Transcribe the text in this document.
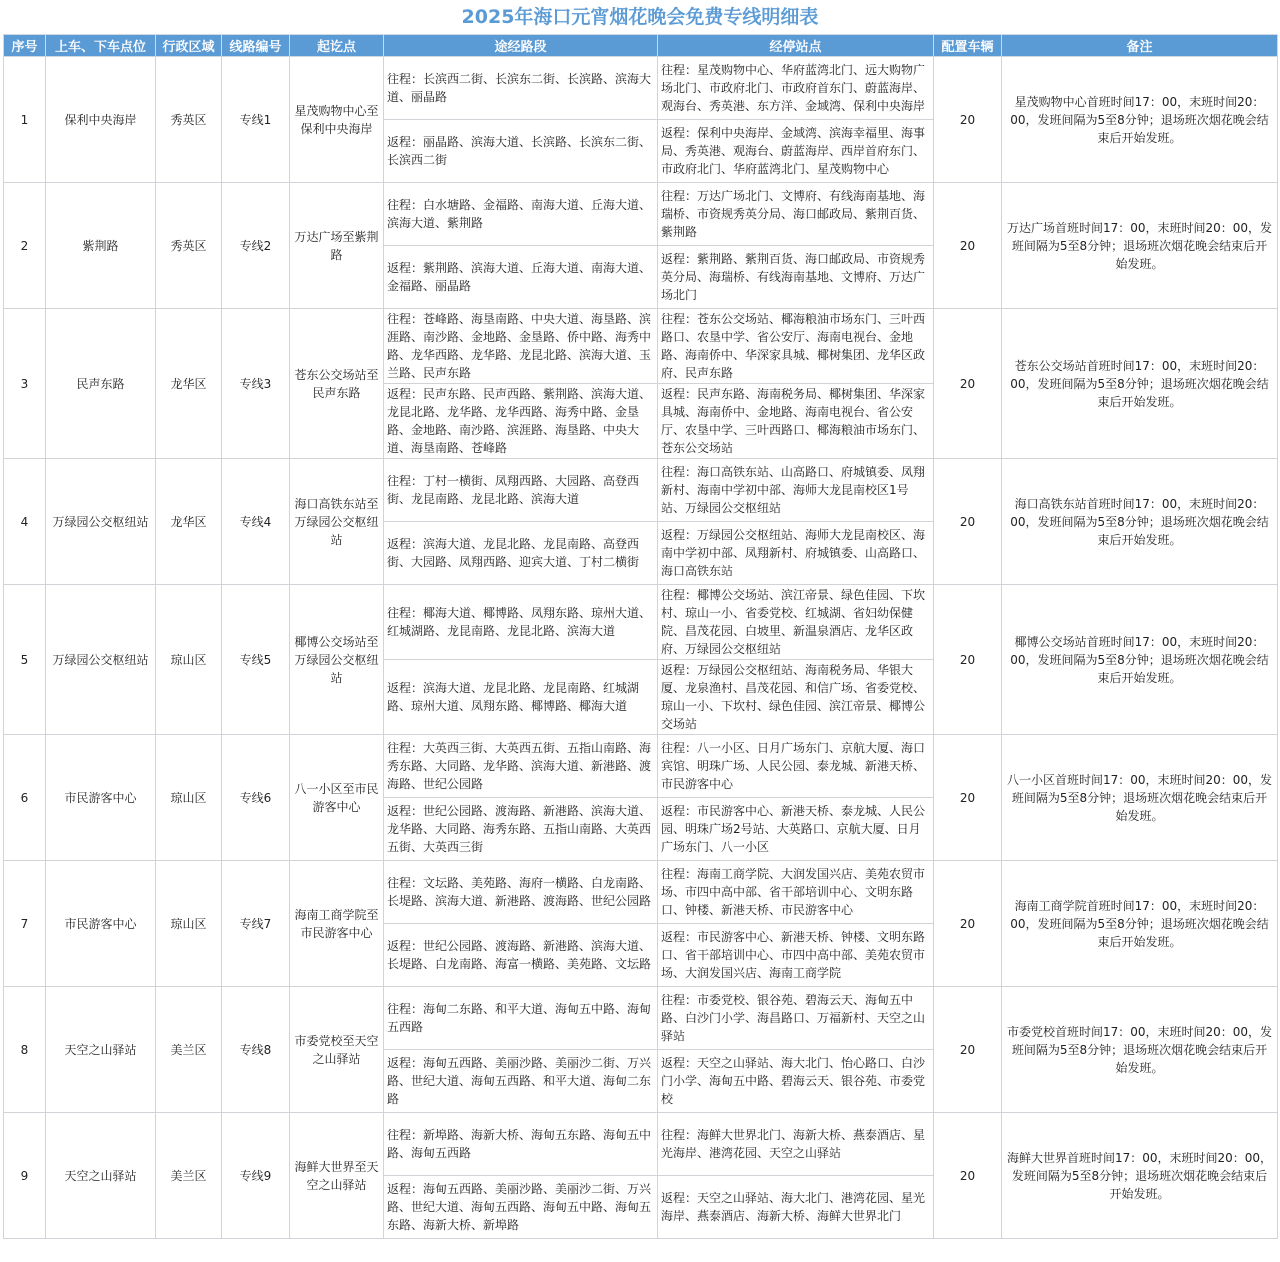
2025年海口元宵烟花晚会免费专线明细表
序号	上车、下车点位	行政区域	线路编号	起讫点	途经路段	经停站点	配置车辆	备注
1	保利中央海岸	秀英区	专线1	星茂购物中心至保利中央海岸	往程：长滨西二街、长滨东二街、长滨路、滨海大道、丽晶路	往程：星茂购物中心、华府蓝湾北门、远大购物广场北门、市政府北门、市政府首东门、蔚蓝海岸、观海台、秀英港、东方洋、金域湾、保利中央海岸	20	星茂购物中心首班时间17：00，末班时间20：00，发班间隔为5至8分钟；退场班次烟花晚会结束后开始发班。
					返程：丽晶路、滨海大道、长滨路、长滨东二街、长滨西二街	返程：保利中央海岸、金域湾、滨海幸福里、海事局、秀英港、观海台、蔚蓝海岸、西岸首府东门、市政府北门、华府蓝湾北门、星茂购物中心		
2	紫荆路	秀英区	专线2	万达广场至紫荆路	往程：白水塘路、金福路、南海大道、丘海大道、滨海大道、紫荆路	往程：万达广场北门、文博府、有线海南基地、海瑞桥、市资规秀英分局、海口邮政局、紫荆百货、紫荆路	20	万达广场首班时间17：00，末班时间20：00，发班间隔为5至8分钟；退场班次烟花晚会结束后开始发班。
					返程：紫荆路、滨海大道、丘海大道、南海大道、金福路、丽晶路	返程：紫荆路、紫荆百货、海口邮政局、市资规秀英分局、海瑞桥、有线海南基地、文博府、万达广场北门		
3	民声东路	龙华区	专线3	苍东公交场站至民声东路	往程：苍峰路、海垦南路、中央大道、海垦路、滨涯路、南沙路、金地路、金垦路、侨中路、海秀中路、龙华西路、龙华路、龙昆北路、滨海大道、玉兰路、民声东路	往程：苍东公交场站、椰海粮油市场东门、三叶西路口、农垦中学、省公安厅、海南电视台、金地路、海南侨中、华深家具城、椰树集团、龙华区政府、民声东路	20	苍东公交场站首班时间17：00，末班时间20：00，发班间隔为5至8分钟；退场班次烟花晚会结束后开始发班。
					返程：民声东路、民声西路、紫荆路、滨海大道、龙昆北路、龙华路、龙华西路、海秀中路、金垦路、金地路、南沙路、滨涯路、海垦路、中央大道、海垦南路、苍峰路	返程：民声东路、海南税务局、椰树集团、华深家具城、海南侨中、金地路、海南电视台、省公安厅、农垦中学、三叶西路口、椰海粮油市场东门、苍东公交场站		
4	万绿园公交枢纽站	龙华区	专线4	海口高铁东站至万绿园公交枢纽站	往程：丁村一横街、凤翔西路、大园路、高登西街、龙昆南路、龙昆北路、滨海大道	往程：海口高铁东站、山高路口、府城镇委、凤翔新村、海南中学初中部、海师大龙昆南校区1号站、万绿园公交枢纽站	20	海口高铁东站首班时间17：00，末班时间20：00，发班间隔为5至8分钟；退场班次烟花晚会结束后开始发班。
					返程：滨海大道、龙昆北路、龙昆南路、高登西街、大园路、凤翔西路、迎宾大道、丁村二横街	返程：万绿园公交枢纽站、海师大龙昆南校区、海南中学初中部、凤翔新村、府城镇委、山高路口、海口高铁东站		
5	万绿园公交枢纽站	琼山区	专线5	椰博公交场站至万绿园公交枢纽站	往程：椰海大道、椰博路、凤翔东路、琼州大道、红城湖路、龙昆南路、龙昆北路、滨海大道	往程：椰博公交场站、滨江帝景、绿色佳园、下坎村、琼山一小、省委党校、红城湖、省妇幼保健院、昌茂花园、白坡里、新温泉酒店、龙华区政府、万绿园公交枢纽站	20	椰博公交场站首班时间17：00，末班时间20：00，发班间隔为5至8分钟；退场班次烟花晚会结束后开始发班。
					返程：滨海大道、龙昆北路、龙昆南路、红城湖路、琼州大道、凤翔东路、椰博路、椰海大道	返程：万绿园公交枢纽站、海南税务局、华银大厦、龙泉渔村、昌茂花园、和信广场、省委党校、琼山一小、下坎村、绿色佳园、滨江帝景、椰博公交场站		
6	市民游客中心	琼山区	专线6	八一小区至市民游客中心	往程：大英西三街、大英西五街、五指山南路、海秀东路、大同路、龙华路、滨海大道、新港路、渡海路、世纪公园路	往程：八一小区、日月广场东门、京航大厦、海口宾馆、明珠广场、人民公园、泰龙城、新港天桥、市民游客中心	20	八一小区首班时间17：00，末班时间20：00，发班间隔为5至8分钟；退场班次烟花晚会结束后开始发班。
					返程：世纪公园路、渡海路、新港路、滨海大道、龙华路、大同路、海秀东路、五指山南路、大英西五街、大英西三街	返程：市民游客中心、新港天桥、泰龙城、人民公园、明珠广场2号站、大英路口、京航大厦、日月广场东门、八一小区		
7	市民游客中心	琼山区	专线7	海南工商学院至市民游客中心	往程：文坛路、美苑路、海府一横路、白龙南路、长堤路、滨海大道、新港路、渡海路、世纪公园路	往程：海南工商学院、大润发国兴店、美苑农贸市场、市四中高中部、省干部培训中心、文明东路口、钟楼、新港天桥、市民游客中心	20	海南工商学院首班时间17：00，末班时间20：00，发班间隔为5至8分钟；退场班次烟花晚会结束后开始发班。
					返程：世纪公园路、渡海路、新港路、滨海大道、长堤路、白龙南路、海富一横路、美苑路、文坛路	返程：市民游客中心、新港天桥、钟楼、文明东路口、省干部培训中心、市四中高中部、美苑农贸市场、大润发国兴店、海南工商学院		
8	天空之山驿站	美兰区	专线8	市委党校至天空之山驿站	往程：海甸二东路、和平大道、海甸五中路、海甸五西路	往程：市委党校、银谷苑、碧海云天、海甸五中路、白沙门小学、海昌路口、万福新村、天空之山驿站	20	市委党校首班时间17：00，末班时间20：00，发班间隔为5至8分钟；退场班次烟花晚会结束后开始发班。
					返程：海甸五西路、美丽沙路、美丽沙二街、万兴路、世纪大道、海甸五西路、和平大道、海甸二东路	返程：天空之山驿站、海大北门、怡心路口、白沙门小学、海甸五中路、碧海云天、银谷苑、市委党校		
9	天空之山驿站	美兰区	专线9	海鲜大世界至天空之山驿站	往程：新埠路、海新大桥、海甸五东路、海甸五中路、海甸五西路	往程：海鲜大世界北门、海新大桥、燕泰酒店、星光海岸、港湾花园、天空之山驿站	20	海鲜大世界首班时间17：00，末班时间20：00，发班间隔为5至8分钟；退场班次烟花晚会结束后开始发班。
					返程：海甸五西路、美丽沙路、美丽沙二街、万兴路、世纪大道、海甸五西路、海甸五中路、海甸五东路、海新大桥、新埠路	返程：天空之山驿站、海大北门、港湾花园、星光海岸、燕泰酒店、海新大桥、海鲜大世界北门		
